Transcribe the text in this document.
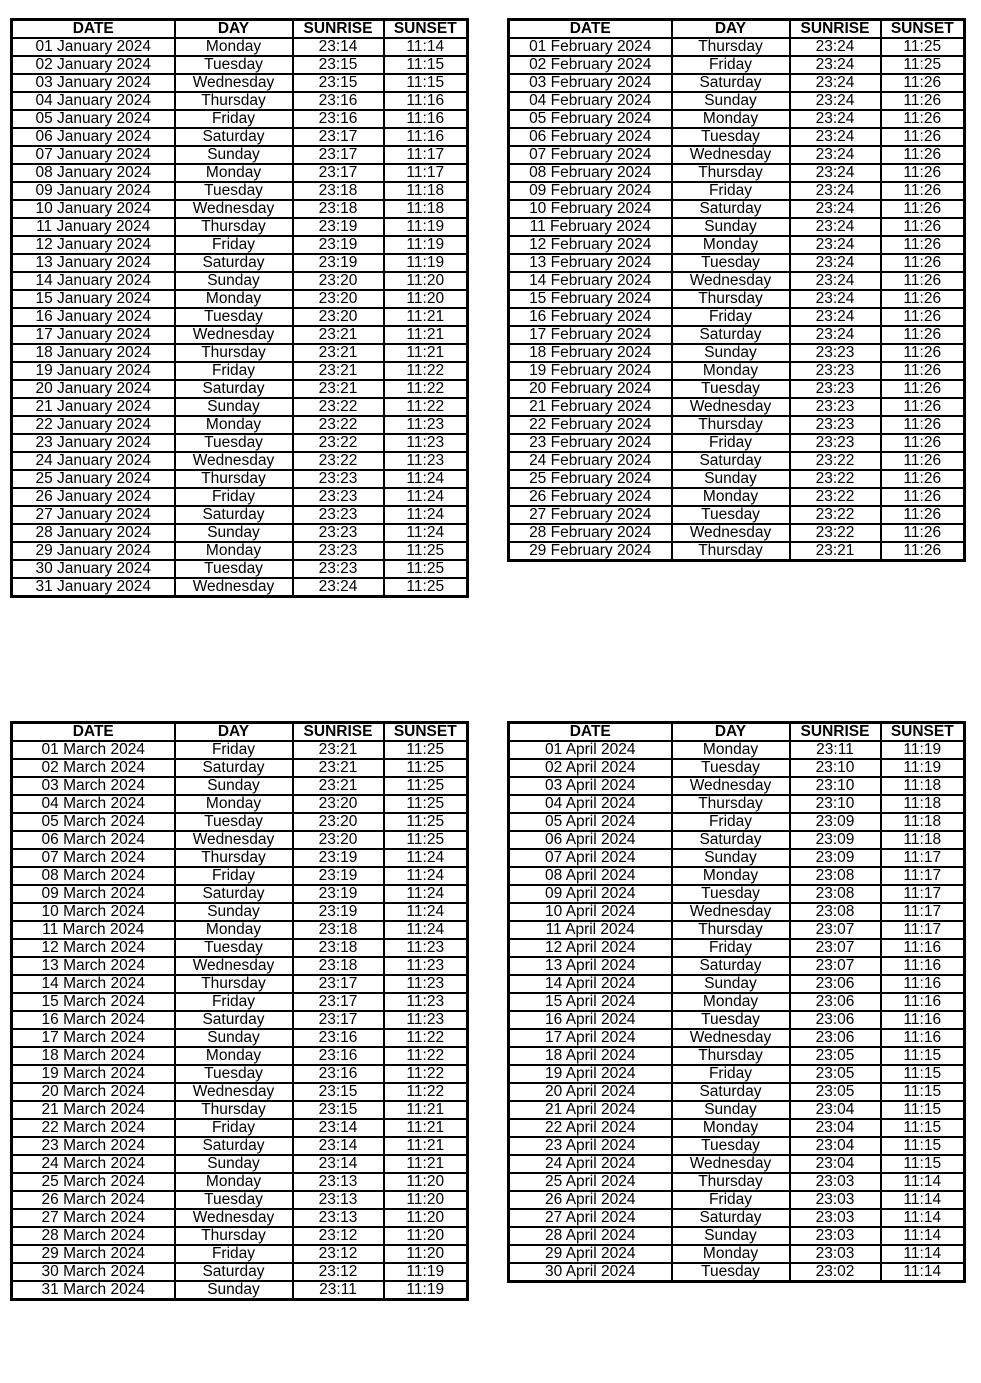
DATE	DAY	SUNRISE	SUNSET
01 January 2024	Monday	23:14	11:14
02 January 2024	Tuesday	23:15	11:15
03 January 2024	Wednesday	23:15	11:15
04 January 2024	Thursday	23:16	11:16
05 January 2024	Friday	23:16	11:16
06 January 2024	Saturday	23:17	11:16
07 January 2024	Sunday	23:17	11:17
08 January 2024	Monday	23:17	11:17
09 January 2024	Tuesday	23:18	11:18
10 January 2024	Wednesday	23:18	11:18
11 January 2024	Thursday	23:19	11:19
12 January 2024	Friday	23:19	11:19
13 January 2024	Saturday	23:19	11:19
14 January 2024	Sunday	23:20	11:20
15 January 2024	Monday	23:20	11:20
16 January 2024	Tuesday	23:20	11:21
17 January 2024	Wednesday	23:21	11:21
18 January 2024	Thursday	23:21	11:21
19 January 2024	Friday	23:21	11:22
20 January 2024	Saturday	23:21	11:22
21 January 2024	Sunday	23:22	11:22
22 January 2024	Monday	23:22	11:23
23 January 2024	Tuesday	23:22	11:23
24 January 2024	Wednesday	23:22	11:23
25 January 2024	Thursday	23:23	11:24
26 January 2024	Friday	23:23	11:24
27 January 2024	Saturday	23:23	11:24
28 January 2024	Sunday	23:23	11:24
29 January 2024	Monday	23:23	11:25
30 January 2024	Tuesday	23:23	11:25
31 January 2024	Wednesday	23:24	11:25
DATE	DAY	SUNRISE	SUNSET
01 February 2024	Thursday	23:24	11:25
02 February 2024	Friday	23:24	11:25
03 February 2024	Saturday	23:24	11:26
04 February 2024	Sunday	23:24	11:26
05 February 2024	Monday	23:24	11:26
06 February 2024	Tuesday	23:24	11:26
07 February 2024	Wednesday	23:24	11:26
08 February 2024	Thursday	23:24	11:26
09 February 2024	Friday	23:24	11:26
10 February 2024	Saturday	23:24	11:26
11 February 2024	Sunday	23:24	11:26
12 February 2024	Monday	23:24	11:26
13 February 2024	Tuesday	23:24	11:26
14 February 2024	Wednesday	23:24	11:26
15 February 2024	Thursday	23:24	11:26
16 February 2024	Friday	23:24	11:26
17 February 2024	Saturday	23:24	11:26
18 February 2024	Sunday	23:23	11:26
19 February 2024	Monday	23:23	11:26
20 February 2024	Tuesday	23:23	11:26
21 February 2024	Wednesday	23:23	11:26
22 February 2024	Thursday	23:23	11:26
23 February 2024	Friday	23:23	11:26
24 February 2024	Saturday	23:22	11:26
25 February 2024	Sunday	23:22	11:26
26 February 2024	Monday	23:22	11:26
27 February 2024	Tuesday	23:22	11:26
28 February 2024	Wednesday	23:22	11:26
29 February 2024	Thursday	23:21	11:26
DATE	DAY	SUNRISE	SUNSET
01 March 2024	Friday	23:21	11:25
02 March 2024	Saturday	23:21	11:25
03 March 2024	Sunday	23:21	11:25
04 March 2024	Monday	23:20	11:25
05 March 2024	Tuesday	23:20	11:25
06 March 2024	Wednesday	23:20	11:25
07 March 2024	Thursday	23:19	11:24
08 March 2024	Friday	23:19	11:24
09 March 2024	Saturday	23:19	11:24
10 March 2024	Sunday	23:19	11:24
11 March 2024	Monday	23:18	11:24
12 March 2024	Tuesday	23:18	11:23
13 March 2024	Wednesday	23:18	11:23
14 March 2024	Thursday	23:17	11:23
15 March 2024	Friday	23:17	11:23
16 March 2024	Saturday	23:17	11:23
17 March 2024	Sunday	23:16	11:22
18 March 2024	Monday	23:16	11:22
19 March 2024	Tuesday	23:16	11:22
20 March 2024	Wednesday	23:15	11:22
21 March 2024	Thursday	23:15	11:21
22 March 2024	Friday	23:14	11:21
23 March 2024	Saturday	23:14	11:21
24 March 2024	Sunday	23:14	11:21
25 March 2024	Monday	23:13	11:20
26 March 2024	Tuesday	23:13	11:20
27 March 2024	Wednesday	23:13	11:20
28 March 2024	Thursday	23:12	11:20
29 March 2024	Friday	23:12	11:20
30 March 2024	Saturday	23:12	11:19
31 March 2024	Sunday	23:11	11:19
DATE	DAY	SUNRISE	SUNSET
01 April 2024	Monday	23:11	11:19
02 April 2024	Tuesday	23:10	11:19
03 April 2024	Wednesday	23:10	11:18
04 April 2024	Thursday	23:10	11:18
05 April 2024	Friday	23:09	11:18
06 April 2024	Saturday	23:09	11:18
07 April 2024	Sunday	23:09	11:17
08 April 2024	Monday	23:08	11:17
09 April 2024	Tuesday	23:08	11:17
10 April 2024	Wednesday	23:08	11:17
11 April 2024	Thursday	23:07	11:17
12 April 2024	Friday	23:07	11:16
13 April 2024	Saturday	23:07	11:16
14 April 2024	Sunday	23:06	11:16
15 April 2024	Monday	23:06	11:16
16 April 2024	Tuesday	23:06	11:16
17 April 2024	Wednesday	23:06	11:16
18 April 2024	Thursday	23:05	11:15
19 April 2024	Friday	23:05	11:15
20 April 2024	Saturday	23:05	11:15
21 April 2024	Sunday	23:04	11:15
22 April 2024	Monday	23:04	11:15
23 April 2024	Tuesday	23:04	11:15
24 April 2024	Wednesday	23:04	11:15
25 April 2024	Thursday	23:03	11:14
26 April 2024	Friday	23:03	11:14
27 April 2024	Saturday	23:03	11:14
28 April 2024	Sunday	23:03	11:14
29 April 2024	Monday	23:03	11:14
30 April 2024	Tuesday	23:02	11:14
